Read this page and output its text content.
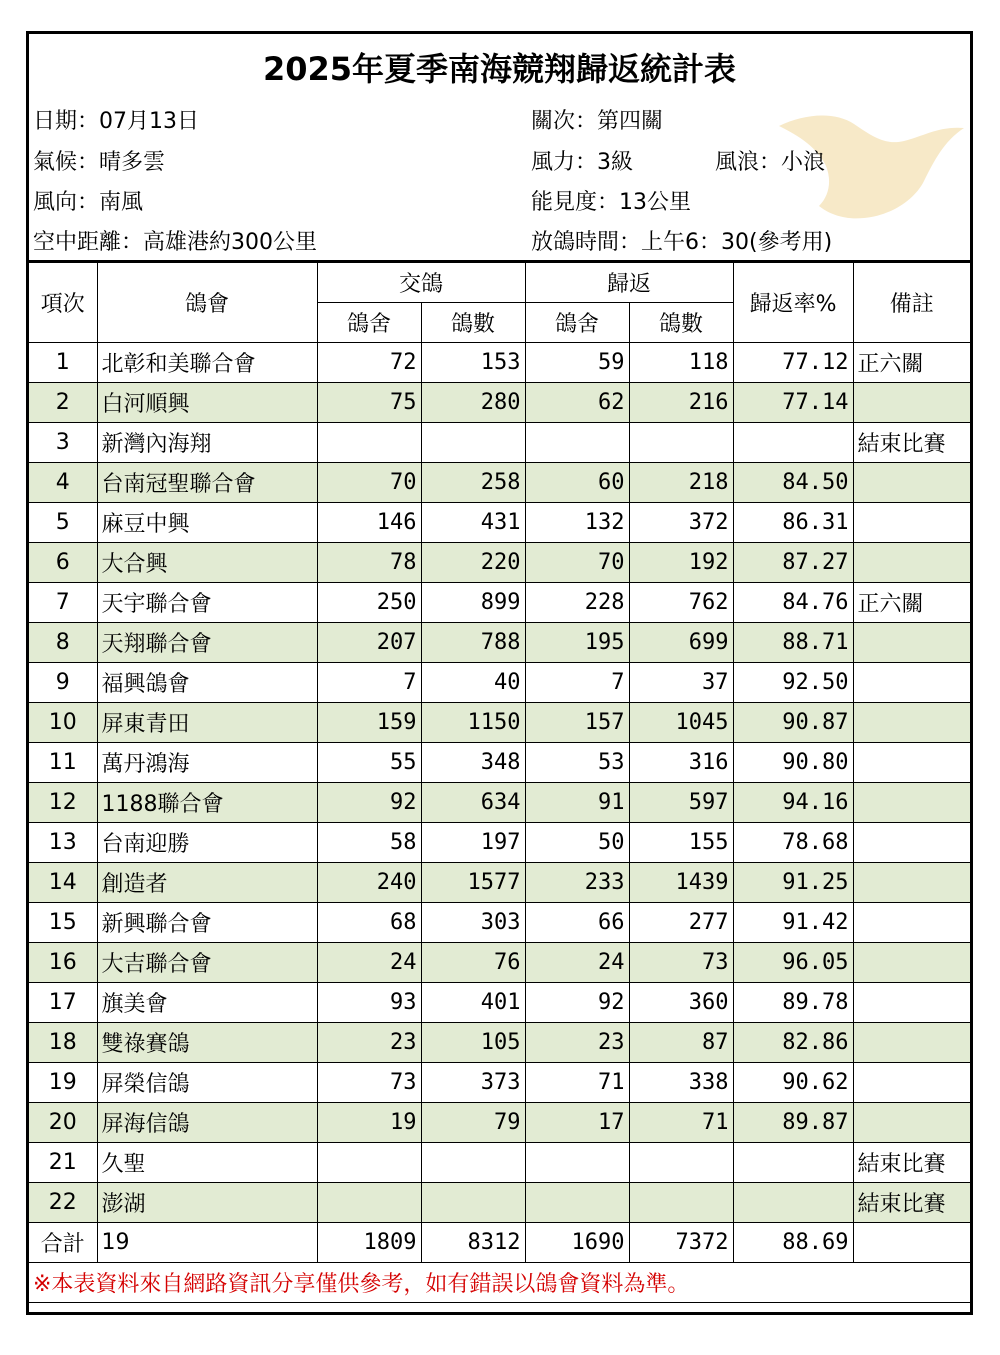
2025年夏季南海競翔歸返統計表
日期：07月13日	關次：第四關
氣候：晴多雲	風力：3級	風浪：小浪
風向：南風	能見度：13公里
空中距離：高雄港約300公里	放鴿時間：上午6：30(參考用)
項次	鴿會	交鴿		歸返		歸返率%	備註
		鴿舍	鴿數	鴿舍	鴿數		
1	北彰和美聯合會	72	153	59	118	77.12	正六關
2	白河順興	75	280	62	216	77.14	
3	新灣內海翔						結束比賽
4	台南冠聖聯合會	70	258	60	218	84.50	
5	麻豆中興	146	431	132	372	86.31	
6	大合興	78	220	70	192	87.27	
7	天宇聯合會	250	899	228	762	84.76	正六關
8	天翔聯合會	207	788	195	699	88.71	
9	福興鴿會	7	40	7	37	92.50	
10	屏東青田	159	1150	157	1045	90.87	
11	萬丹鴻海	55	348	53	316	90.80	
12	1188聯合會	92	634	91	597	94.16	
13	台南迎勝	58	197	50	155	78.68	
14	創造者	240	1577	233	1439	91.25	
15	新興聯合會	68	303	66	277	91.42	
16	大吉聯合會	24	76	24	73	96.05	
17	旗美會	93	401	92	360	89.78	
18	雙祿賽鴿	23	105	23	87	82.86	
19	屏榮信鴿	73	373	71	338	90.62	
20	屏海信鴿	19	79	17	71	89.87	
21	久聖						結束比賽
22	澎湖						結束比賽
合計	19	1809	8312	1690	7372	88.69	
※本表資料來自網路資訊分享僅供參考，如有錯誤以鴿會資料為準。							
